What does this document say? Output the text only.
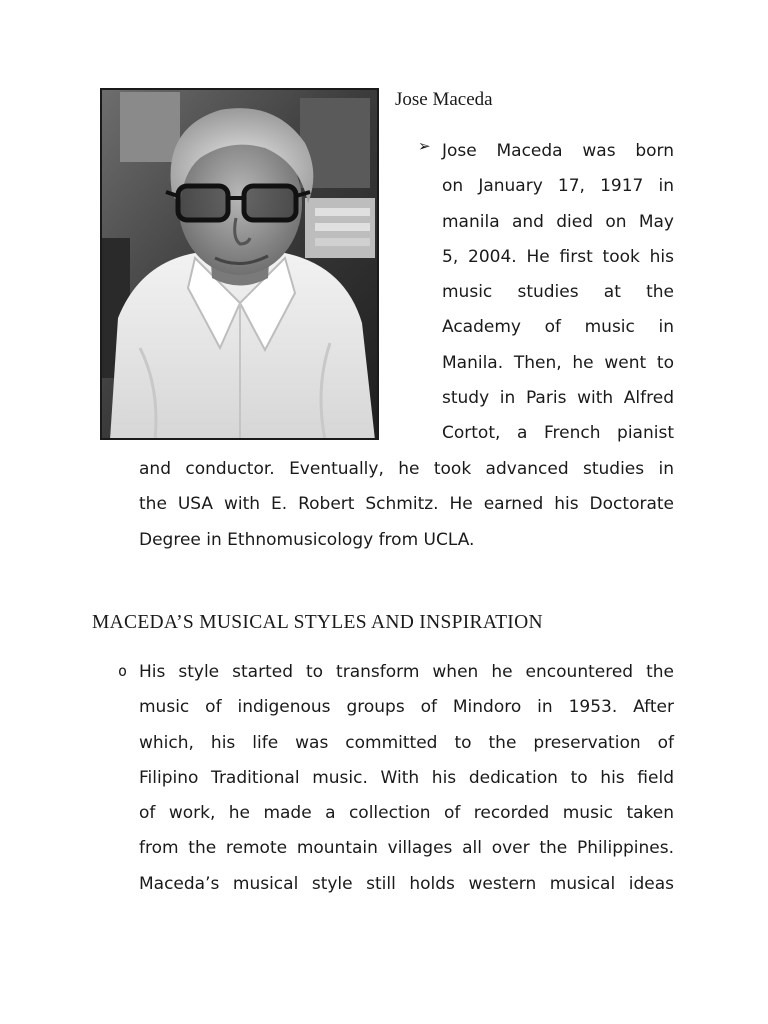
Jose Maceda
➢ Jose Maceda was born
on January 17, 1917 in
manila and died on May
5, 2004. He first took his
music studies at the
Academy of music in
Manila. Then, he went to
study in Paris with Alfred
Cortot, a French pianist
and conductor. Eventually, he took advanced studies in
the USA with E. Robert Schmitz. He earned his Doctorate
Degree in Ethnomusicology from UCLA.
MACEDA’S MUSICAL STYLES AND INSPIRATION
o His style started to transform when he encountered the
music of indigenous groups of Mindoro in 1953. After
which, his life was committed to the preservation of
Filipino Traditional music. With his dedication to his field
of work, he made a collection of recorded music taken
from the remote mountain villages all over the Philippines.
Maceda’s musical style still holds western musical ideas
